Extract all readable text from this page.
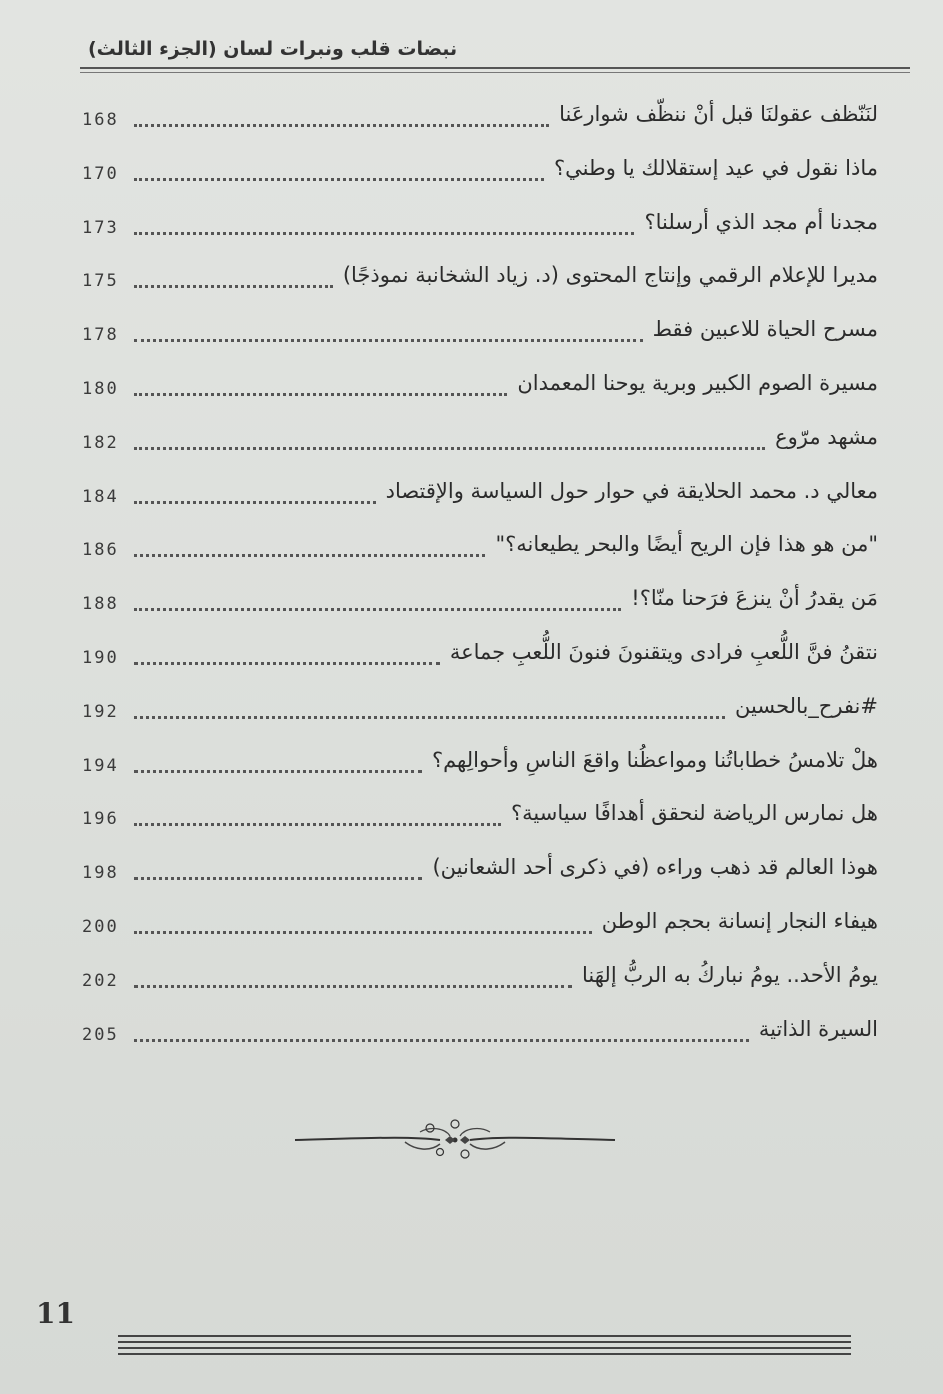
نبضات قلب ونبرات لسان (الجزء الثالث)
لنَنّظف عقولنَا قبل أنْ ننظّف شوارعَنا
168
ماذا نقول في عيد إستقلالك يا وطني؟
170
مجدنا أم مجد الذي أرسلنا؟
173
مديرا للإعلام الرقمي وإنتاج المحتوى (د. زياد الشخانبة نموذجًا)
175
مسرح الحياة للاعبين فقط
178
مسيرة الصوم الكبير وبرية يوحنا المعمدان
180
مشهد مرّوع
182
معالي د. محمد الحلايقة في حوار حول السياسة والإقتصاد
184
"من هو هذا فإن الريح أيضًا والبحر يطيعانه؟"
186
مَن يقدرُ أنْ ينزعَ فرَحنا منّا؟!
188
نتقنُ فنَّ اللُّعبِ فرادى ويتقنونَ فنونَ اللُّعبِ جماعة
190
#نفرح_بالحسين
192
هلْ تلامسُ خطاباتُنا ومواعظُنا واقعَ الناسِ وأحوالِهم؟
194
هل نمارس الرياضة لنحقق أهدافًا سياسية؟
196
هوذا العالم قد ذهب وراءه (في ذكرى أحد الشعانين)
198
هيفاء النجار إنسانة بحجم الوطن
200
يومُ الأحد.. يومُ نباركُ به الربُّ إلهَنا
202
السيرة الذاتية
205
11
